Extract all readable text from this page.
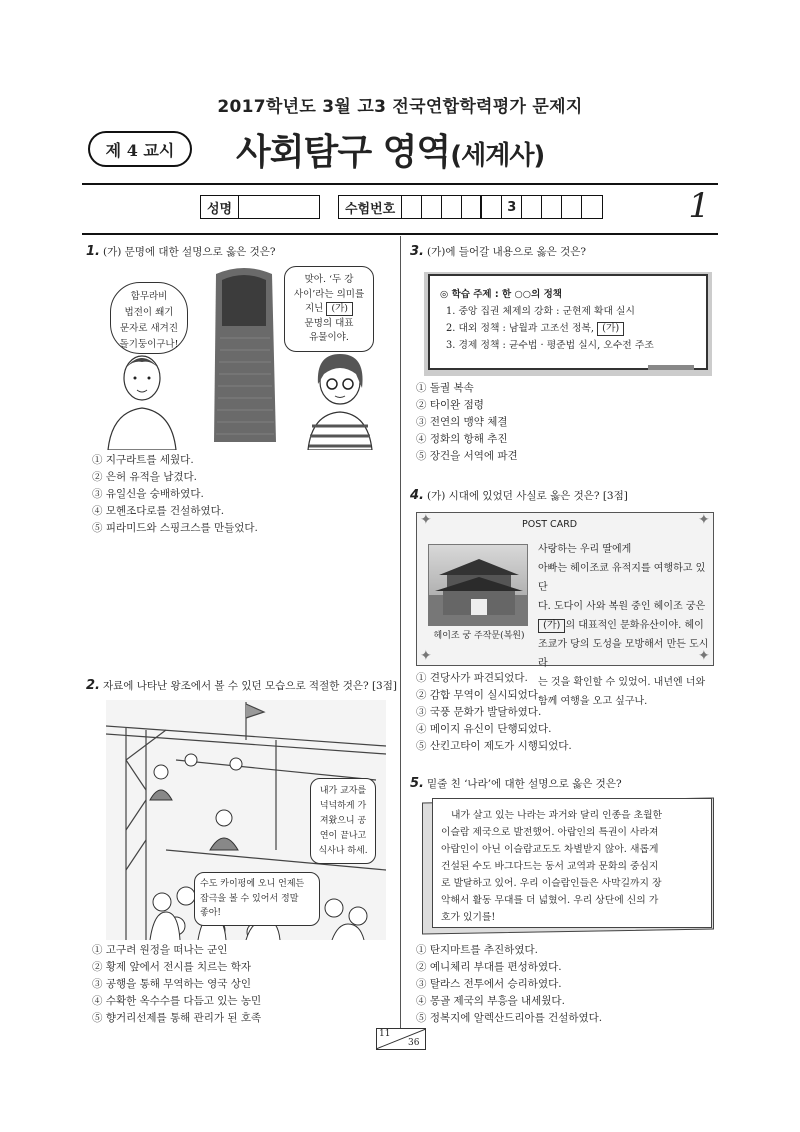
2017학년도 3월 고3 전국연합학력평가 문제지
제 4 교시	사회탐구 영역(세계사)
성명	수험번호	3	1
1. (가) 문명에 대한 설명으로 옳은 것은?
함무라비
법전이 쐐기
문자로 새겨진
돌기둥이구나!
맞아. ‘두 강
사이’라는 의미를
지닌 (가)
문명의 대표
유물이야.
① 지구라트를 세웠다.
② 은허 유적을 남겼다.
③ 유일신을 숭배하였다.
④ 모헨조다로를 건설하였다.
⑤ 피라미드와 스핑크스를 만들었다.
2. 자료에 나타난 왕조에서 볼 수 있던 모습으로 적절한 것은? [3점]
내가 교자를
넉넉하게 가
져왔으니 공
연이 끝나고
식사나 하세.
수도 카이펑에 오니 언제든
잡극을 볼 수 있어서 정말
좋아!
① 고구려 원정을 떠나는 군인
② 황제 앞에서 전시를 치르는 학자
③ 공행을 통해 무역하는 영국 상인
④ 수확한 옥수수를 다듬고 있는 농민
⑤ 향거리선제를 통해 관리가 된 호족
3. (가)에 들어갈 내용으로 옳은 것은?
◎ 학습 주제 : 한 ○○의 정책
1. 중앙 집권 체제의 강화 : 군현제 확대 실시
2. 대외 정책 : 남월과 고조선 정복, (가)
3. 경제 정책 : 균수법 · 평준법 실시, 오수전 주조
① 돌궐 복속
② 타이완 점령
③ 전연의 맹약 체결
④ 정화의 항해 추진
⑤ 장건을 서역에 파견
4. (가) 시대에 있었던 사실로 옳은 것은? [3점]
✦	✦
✦	✦
POST CARD
헤이조 궁 주작문(복원)
사랑하는 우리 딸에게
아빠는 헤이조쿄 유적지를 여행하고 있단
다. 도다이 사와 복원 중인 헤이조 궁은
(가) 의 대표적인 문화유산이야. 헤이
조쿄가 당의 도성을 모방해서 만든 도시라
는 것을 확인할 수 있었어. 내년엔 너와
함께 여행을 오고 싶구나.
① 견당사가 파견되었다.
② 감합 무역이 실시되었다.
③ 국풍 문화가 발달하였다.
④ 메이지 유신이 단행되었다.
⑤ 산킨고타이 제도가 시행되었다.
5. 밑줄 친 ‘나라’에 대한 설명으로 옳은 것은?
내가 살고 있는 나라는 과거와 달리 인종을 초월한
이슬람 제국으로 발전했어. 아랍인의 특권이 사라져
아랍인이 아닌 이슬람교도도 차별받지 않아. 새롭게
건설된 수도 바그다드는 동서 교역과 문화의 중심지
로 발달하고 있어. 우리 이슬람인들은 사막길까지 장
악해서 활동 무대를 더 넓혔어. 우리 상단에 신의 가
호가 있기를!
① 탄지마트를 추진하였다.
② 예니체리 부대를 편성하였다.
③ 탈라스 전투에서 승리하였다.
④ 몽골 제국의 부흥을 내세웠다.
⑤ 정복지에 알렉산드리아를 건설하였다.
11
36
